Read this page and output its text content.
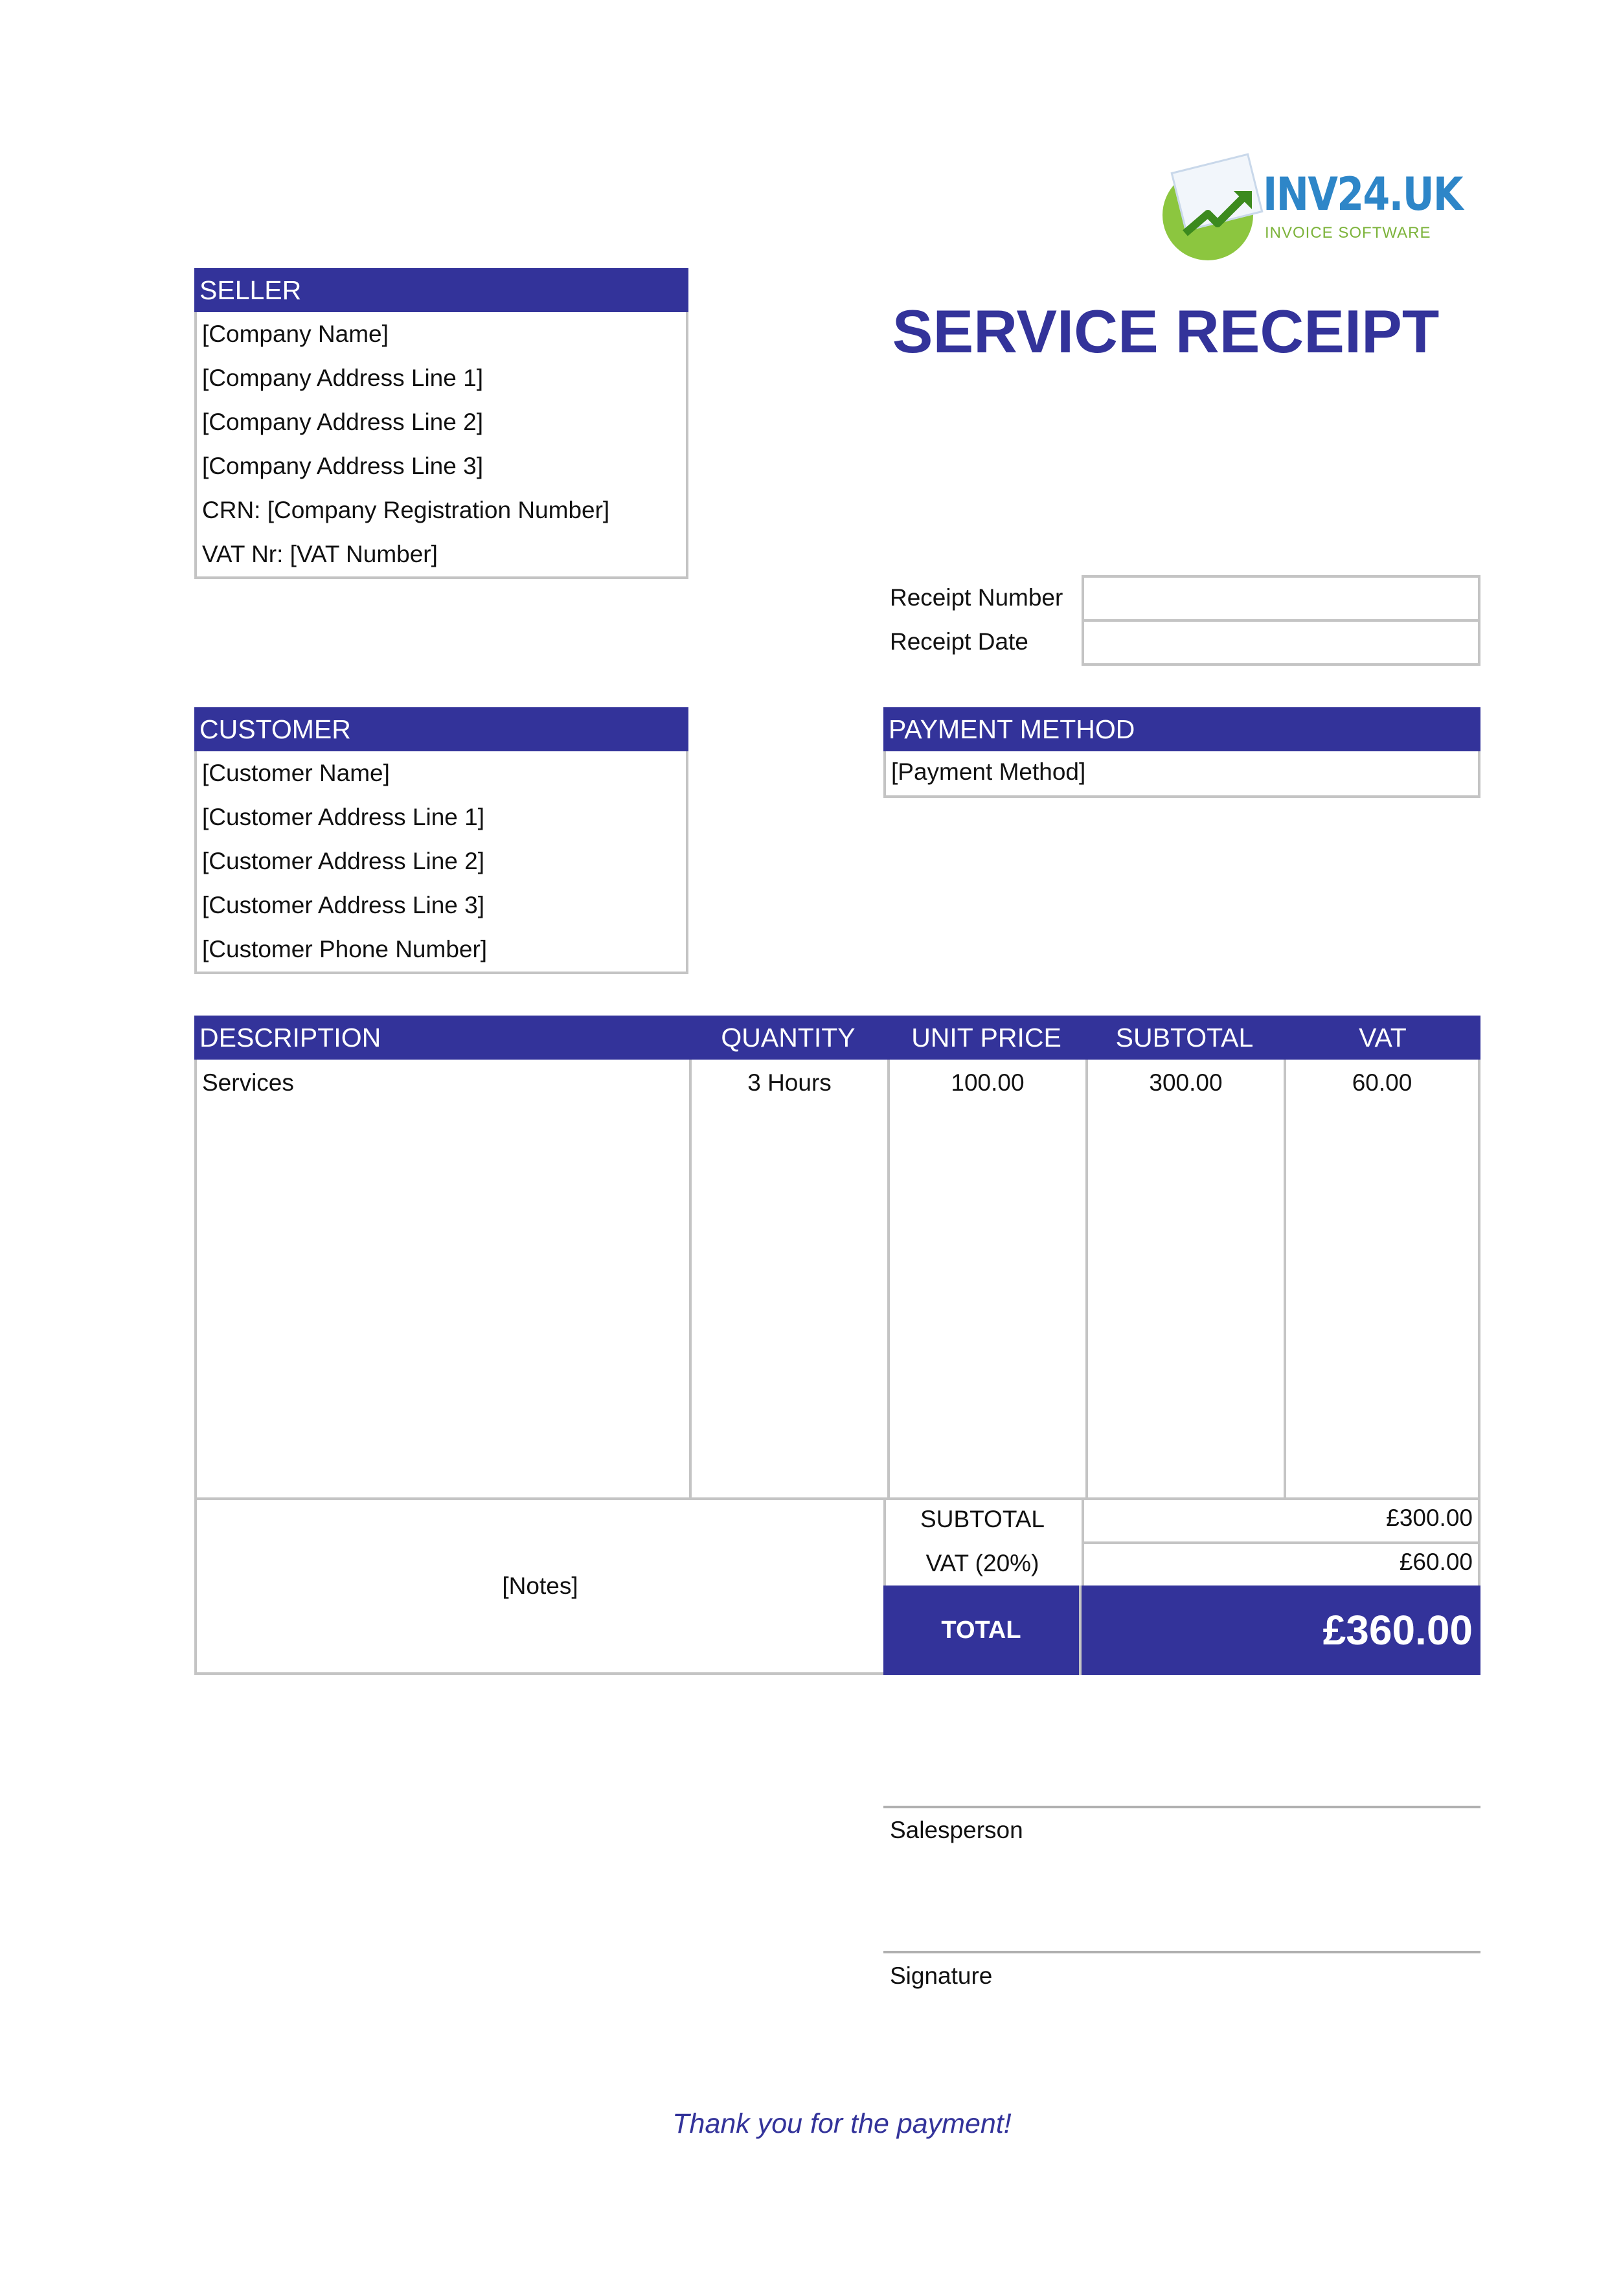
INV24.UK
INVOICE SOFTWARE
SERVICE RECEIPT
SELLER
[Company Name]
[Company Address Line 1]
[Company Address Line 2]
[Company Address Line 3]
CRN: [Company Registration Number]
VAT Nr: [VAT Number]
Receipt Number
Receipt Date
CUSTOMER
[Customer Name]
[Customer Address Line 1]
[Customer Address Line 2]
[Customer Address Line 3]
[Customer Phone Number]
PAYMENT METHOD
[Payment Method]
DESCRIPTION	QUANTITY	UNIT PRICE	SUBTOTAL	VAT
Services	3 Hours	100.00	300.00	60.00
[Notes]
SUBTOTAL	£300.00
VAT (20%)	£60.00
TOTAL	£360.00
Salesperson
Signature
Thank you for the payment!
